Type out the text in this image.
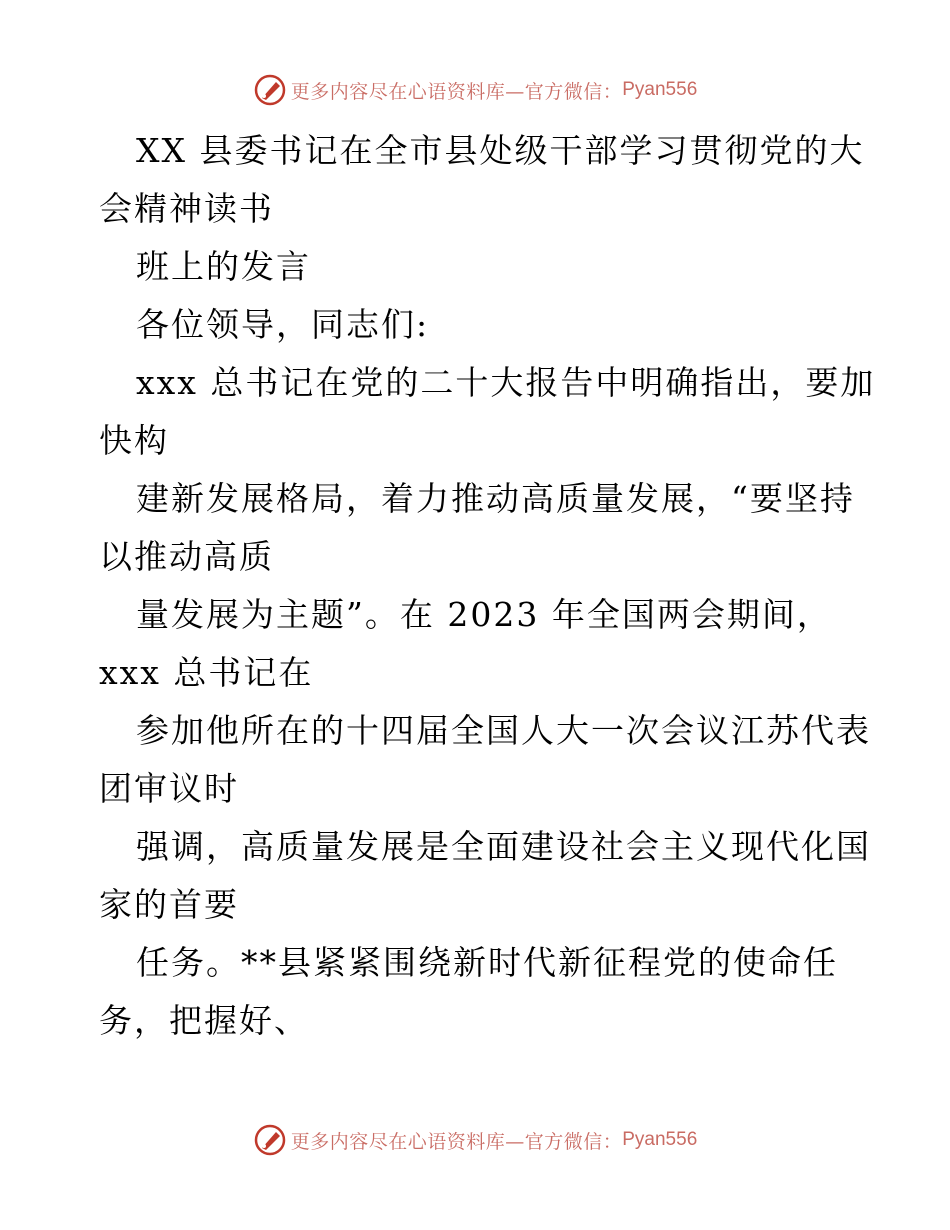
更多内容尽在心语资料库—官方微信： Pyan556
XX 县委书记在全市县处级干部学习贯彻党的大
会精神读书
班上的发言
各位领导，同志们:
xxx 总书记在党的二十大报告中明确指出，要加
快构
建新发展格局，着力推动高质量发展，“要坚持
以推动高质
量发展为主题”。在 2023 年全国两会期间，
xxx 总书记在
参加他所在的十四届全国人大一次会议江苏代表
团审议时
强调，高质量发展是全面建设社会主义现代化国
家的首要
任务。**县紧紧围绕新时代新征程党的使命任
务，把握好、
更多内容尽在心语资料库—官方微信： Pyan556
